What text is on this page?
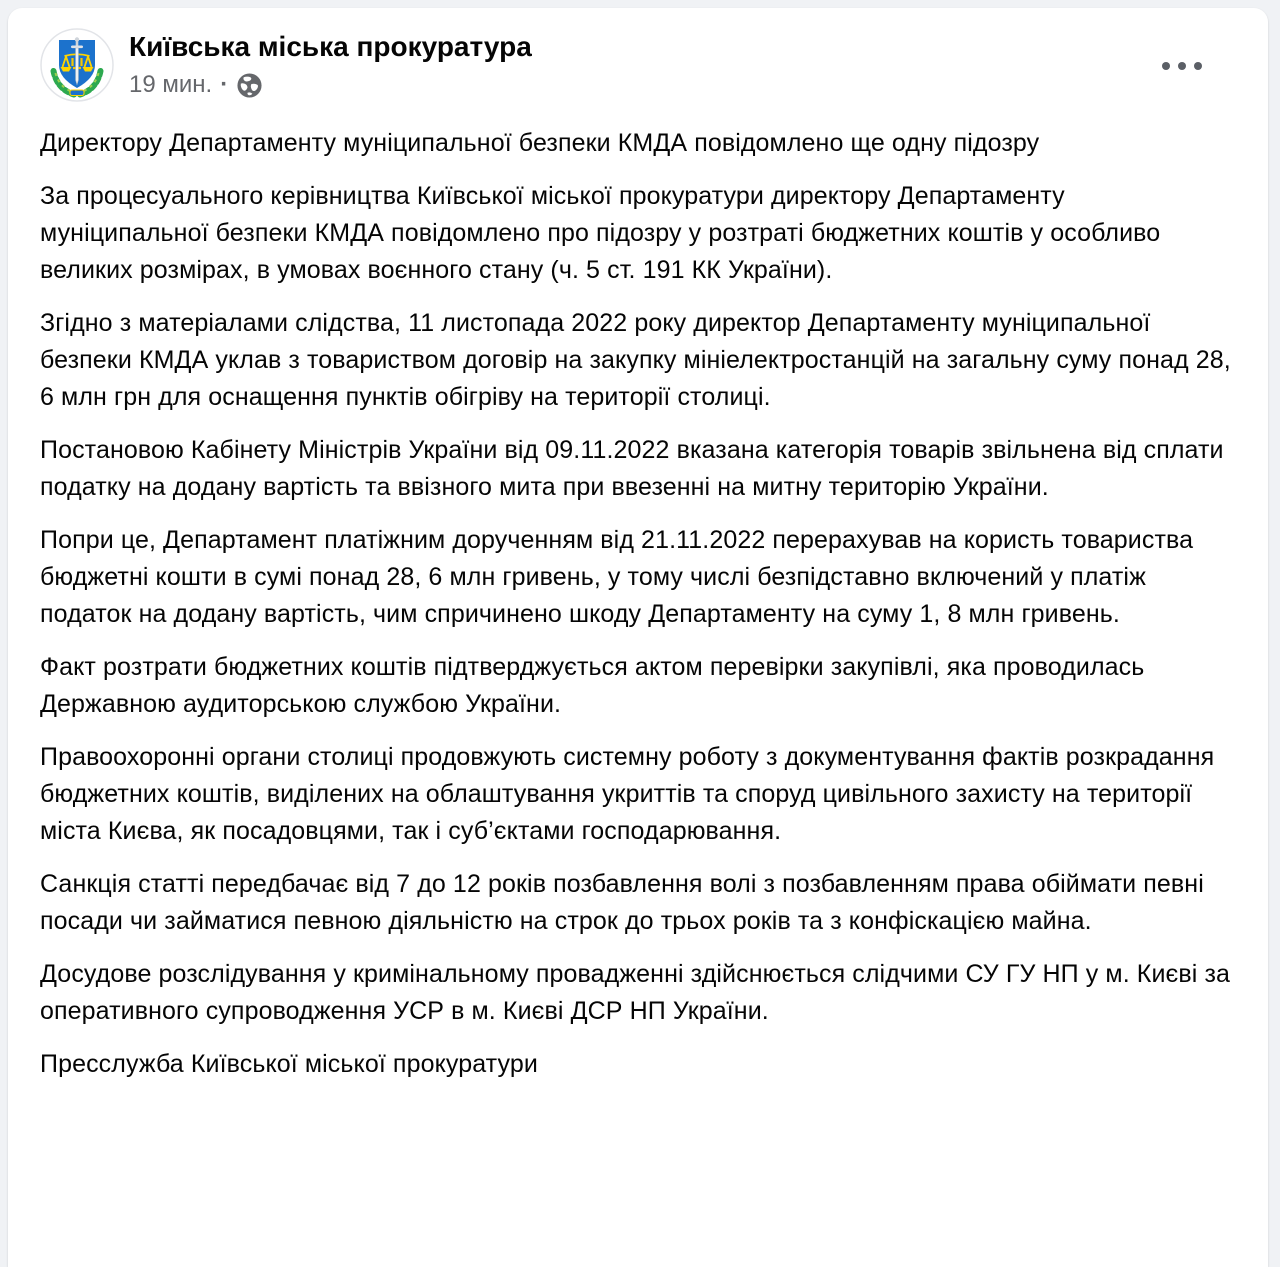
Київська міська прокуратура
19 мин. ·

Директору Департаменту муніципальної безпеки КМДА повідомлено ще одну підозру

За процесуального керівництва Київської міської прокуратури директору Департаменту муніципальної безпеки КМДА повідомлено про підозру у розтраті бюджетних коштів у особливо великих розмірах, в умовах воєнного стану (ч. 5 ст. 191 КК України).

Згідно з матеріалами слідства, 11 листопада 2022 року директор Департаменту муніципальної безпеки КМДА уклав з товариством договір на закупку мініелектростанцій на загальну суму понад 28, 6 млн грн для оснащення пунктів обігріву на території столиці.

Постановою Кабінету Міністрів України від 09.11.2022 вказана категорія товарів звільнена від сплати податку на додану вартість та ввізного мита при ввезенні на митну територію України.

Попри це, Департамент платіжним дорученням від 21.11.2022 перерахував на користь товариства бюджетні кошти в сумі понад 28, 6 млн гривень, у тому числі безпідставно включений у платіж податок на додану вартість, чим спричинено шкоду Департаменту на суму 1, 8 млн гривень.

Факт розтрати бюджетних коштів підтверджується актом перевірки закупівлі, яка проводилась Державною аудиторською службою України.

Правоохоронні органи столиці продовжують системну роботу з документування фактів розкрадання бюджетних коштів, виділених на облаштування укриттів та споруд цивільного захисту на території міста Києва, як посадовцями, так і суб’єктами господарювання.

Санкція статті передбачає від 7 до 12 років позбавлення волі з позбавленням права обіймати певні посади чи займатися певною діяльністю на строк до трьох років та з конфіскацією майна.

Досудове розслідування у кримінальному провадженні здійснюється слідчими СУ ГУ НП у м. Києві за оперативного супроводження УСР в м. Києві ДСР НП України.

Пресслужба Київської міської прокуратури
